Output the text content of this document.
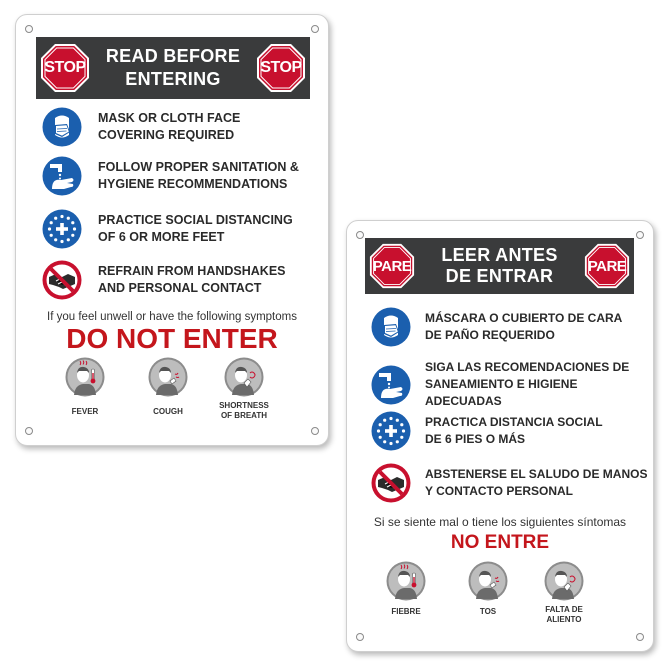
STOP
READ BEFORE
ENTERING
STOP
MASK OR CLOTH FACE
COVERING REQUIRED
FOLLOW PROPER SANITATION &
HYGIENE RECOMMENDATIONS
PRACTICE SOCIAL DISTANCING
OF 6 OR MORE FEET
REFRAIN FROM HANDSHAKES
AND PERSONAL CONTACT
If you feel unwell or have the following symptoms
DO NOT ENTER
FEVER	COUGH
SHORTNESS
OF BREATH
PARE
LEER ANTES
DE ENTRAR	PARE
MÁSCARA O CUBIERTO DE CARA
DE PAÑO REQUERIDO
SIGA LAS RECOMENDACIONES DE
SANEAMIENTO E HIGIENE ADECUADAS
PRACTICA DISTANCIA SOCIAL
DE 6 PIES O MÁS
ABSTENERSE EL SALUDO DE MANOS
Y CONTACTO PERSONAL
Si se siente mal o tiene los siguientes síntomas
NO ENTRE
FIEBRE	TOS	FALTA DE
ALIENTO
